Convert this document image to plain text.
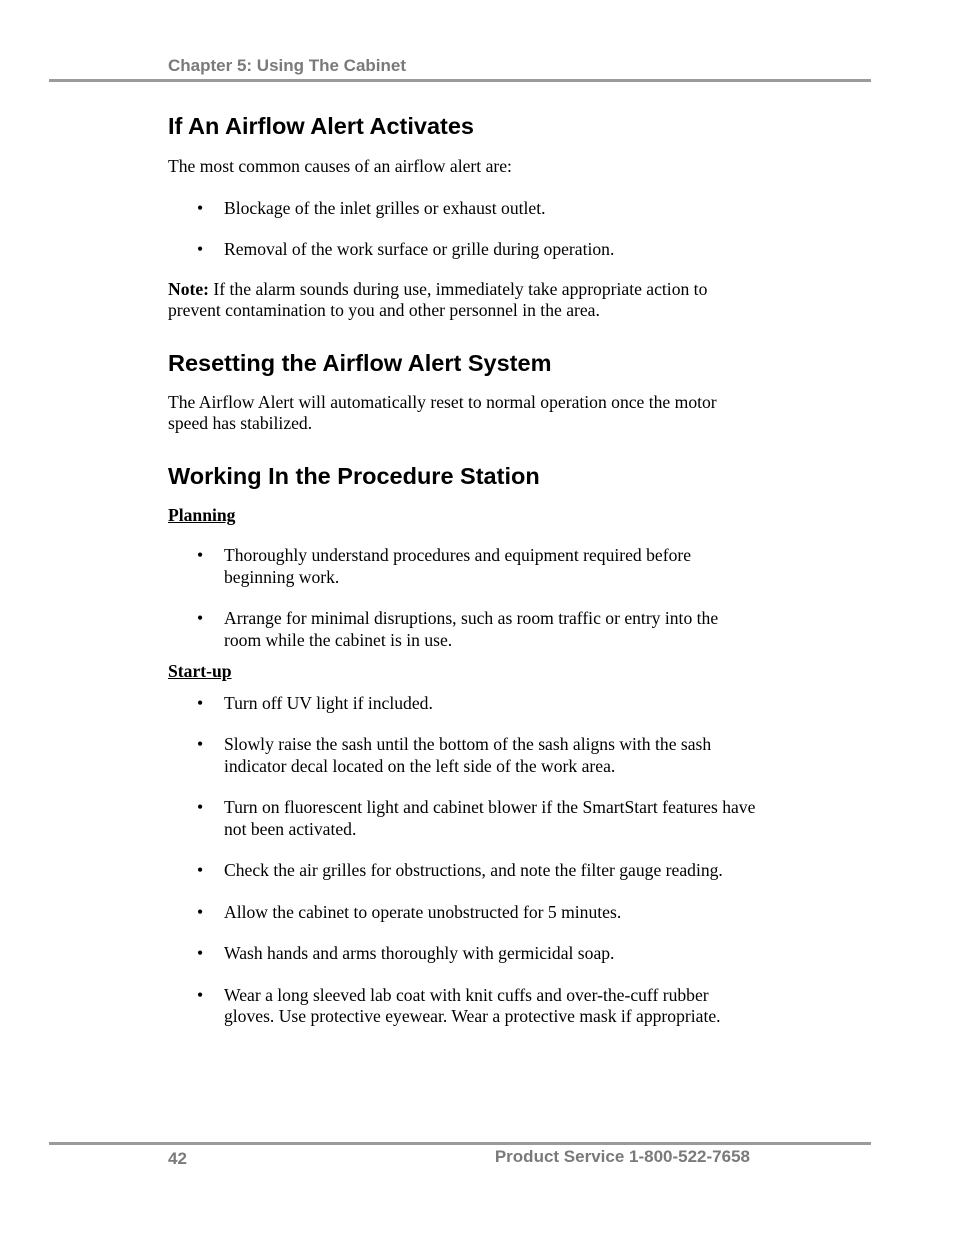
Chapter 5: Using The Cabinet
If An Airflow Alert Activates

The most common causes of an airflow alert are:

• Blockage of the inlet grilles or exhaust outlet.
• Removal of the work surface or grille during operation.

Note: If the alarm sounds during use, immediately take appropriate action to prevent contamination to you and other personnel in the area.

Resetting the Airflow Alert System

The Airflow Alert will automatically reset to normal operation once the motor speed has stabilized.

Working In the Procedure Station

Planning

• Thoroughly understand procedures and equipment required before beginning work.
• Arrange for minimal disruptions, such as room traffic or entry into the room while the cabinet is in use.

Start-up

• Turn off UV light if included.
• Slowly raise the sash until the bottom of the sash aligns with the sash indicator decal located on the left side of the work area.
• Turn on fluorescent light and cabinet blower if the SmartStart features have not been activated.
• Check the air grilles for obstructions, and note the filter gauge reading.
• Allow the cabinet to operate unobstructed for 5 minutes.
• Wash hands and arms thoroughly with germicidal soap.
• Wear a long sleeved lab coat with knit cuffs and over-the-cuff rubber gloves. Use protective eyewear. Wear a protective mask if appropriate.
42	Product Service 1-800-522-7658
